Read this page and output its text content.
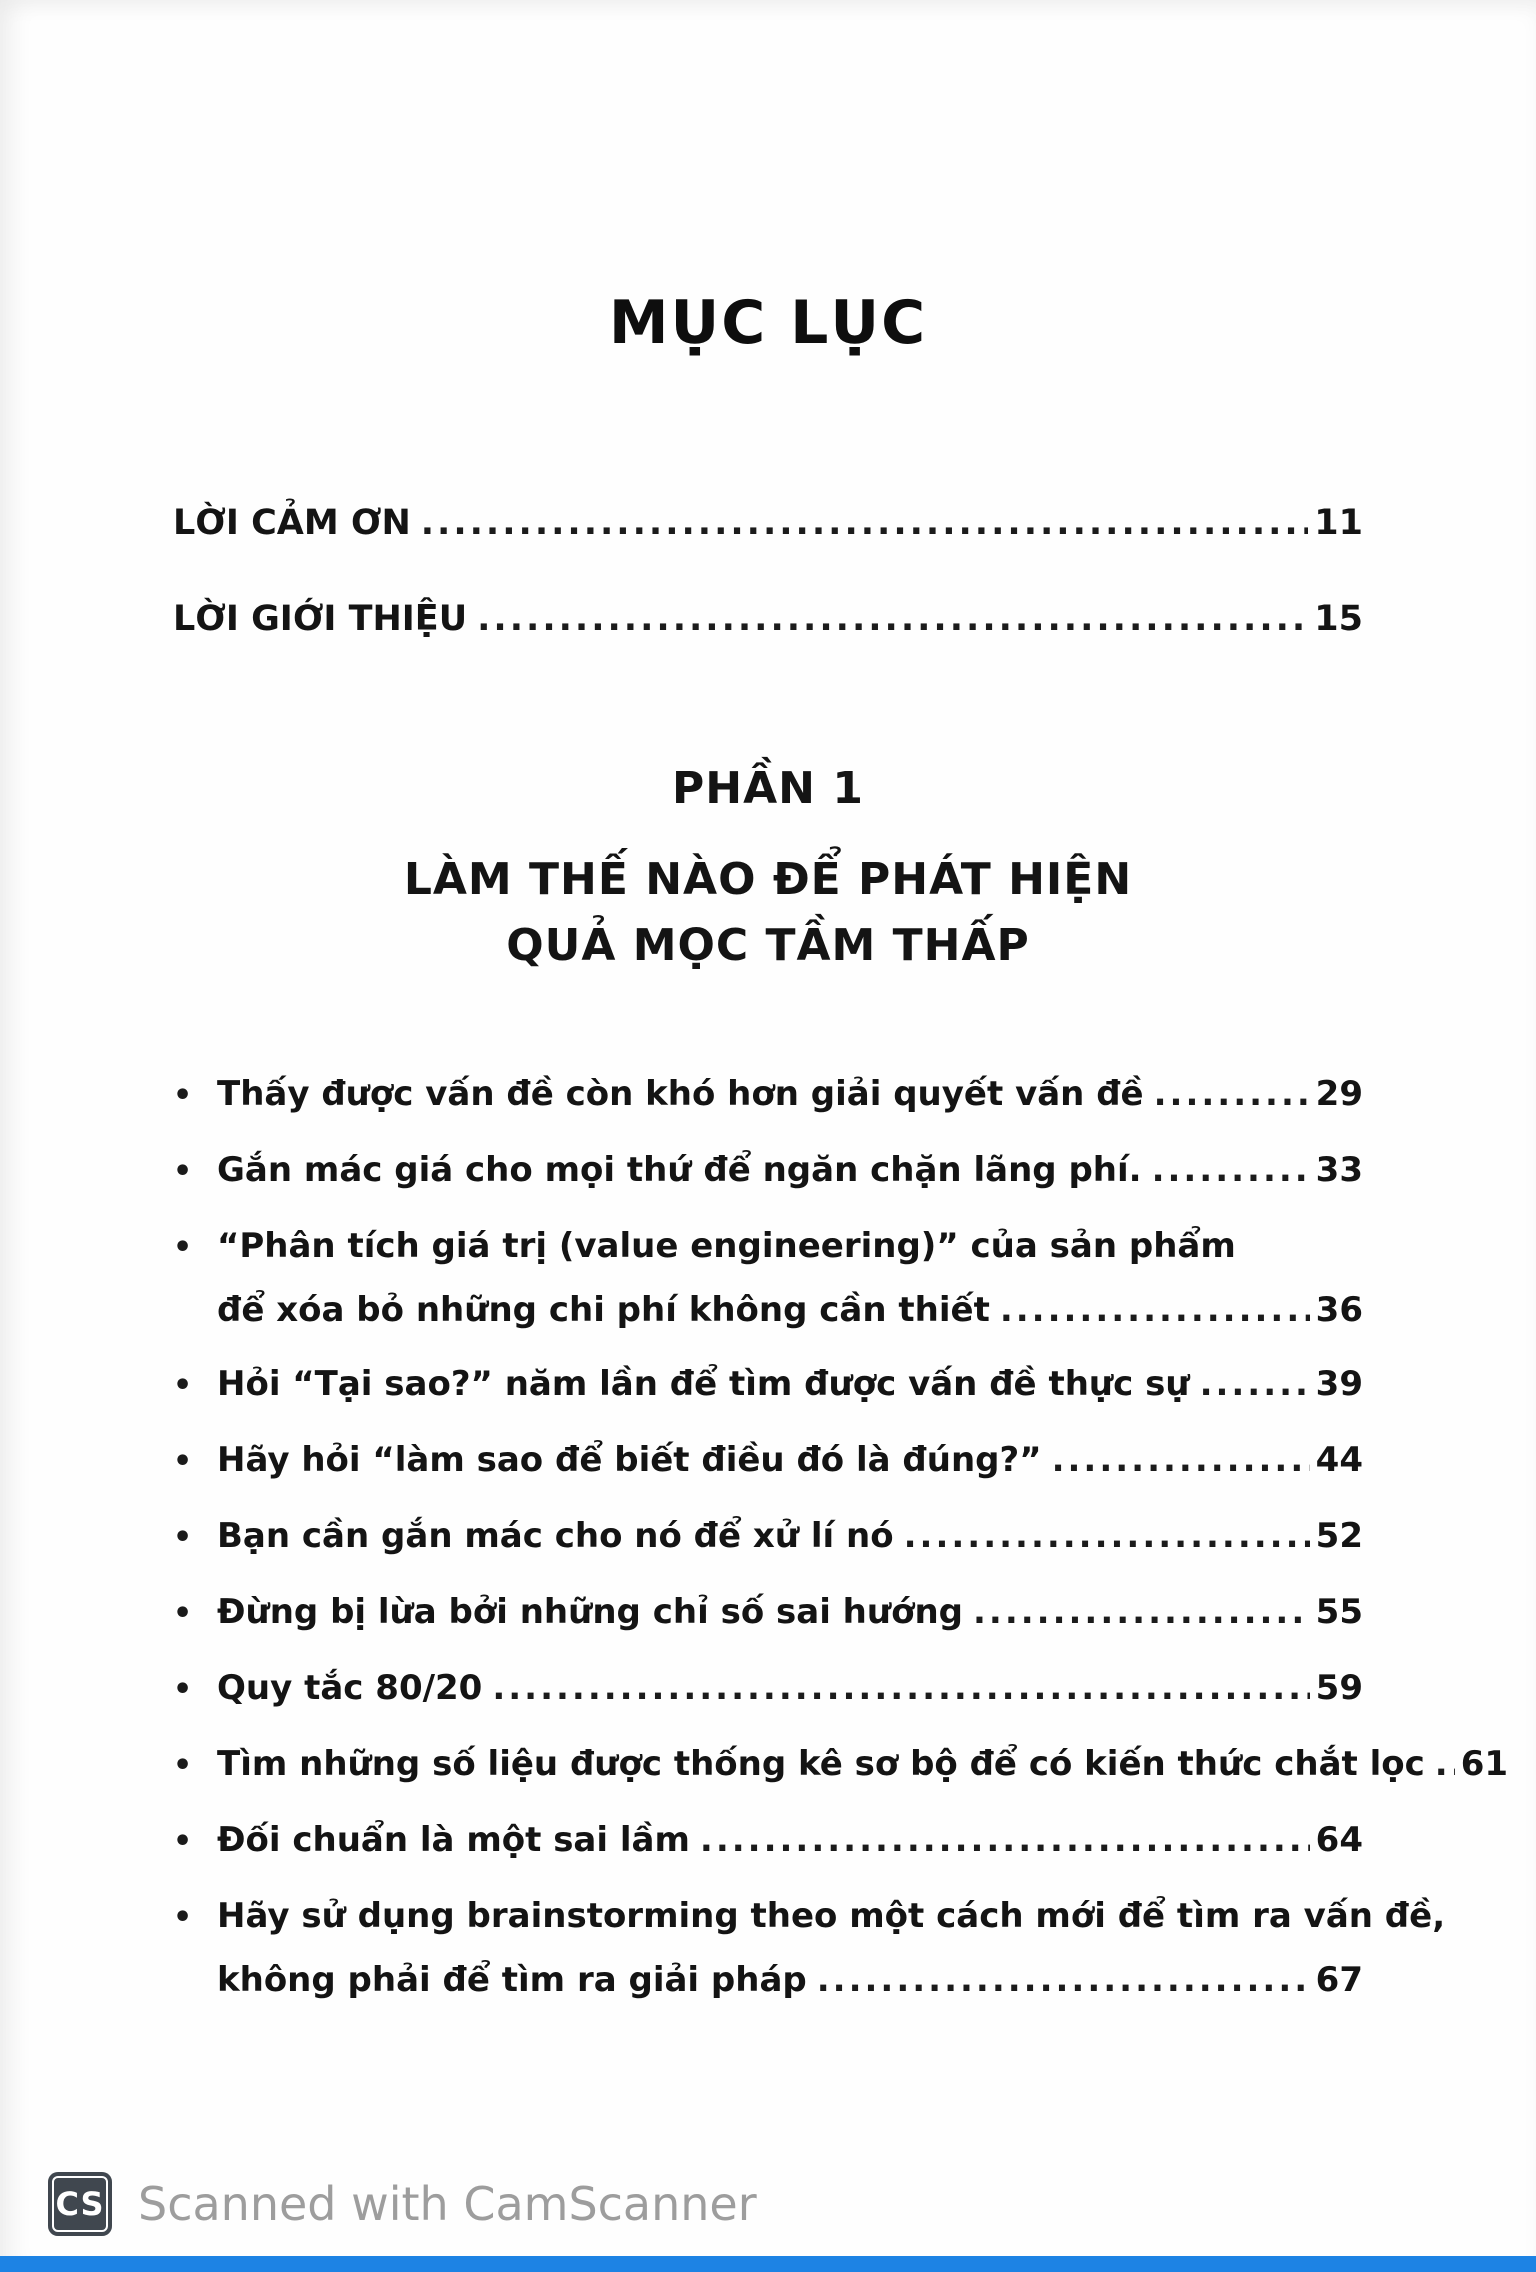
MỤC LỤC
LỜI CẢM ƠN .....	11
LỜI GIỚI THIỆU .....	15
PHẦN 1
LÀM THẾ NÀO ĐỂ PHÁT HIỆN
QUẢ MỌC TẦM THẤP
• Thấy được vấn đề còn khó hơn giải quyết vấn đề .....	29
• Gắn mác giá cho mọi thứ để ngăn chặn lãng phí. .....	33
• “Phân tích giá trị (value engineering)” của sản phẩm
để xóa bỏ những chi phí không cần thiết .....	36
• Hỏi “Tại sao?” năm lần để tìm được vấn đề thực sự .....	39
• Hãy hỏi “làm sao để biết điều đó là đúng?” .....	44
• Bạn cần gắn mác cho nó để xử lí nó .....	52
• Đừng bị lừa bởi những chỉ số sai hướng .....	55
• Quy tắc 80/20 .....	59
• Tìm những số liệu được thống kê sơ bộ để có kiến thức chắt lọc ..... 61
• Đối chuẩn là một sai lầm .....	64
• Hãy sử dụng brainstorming theo một cách mới để tìm ra vấn đề,
không phải để tìm ra giải pháp .....	67
CS Scanned with CamScanner
